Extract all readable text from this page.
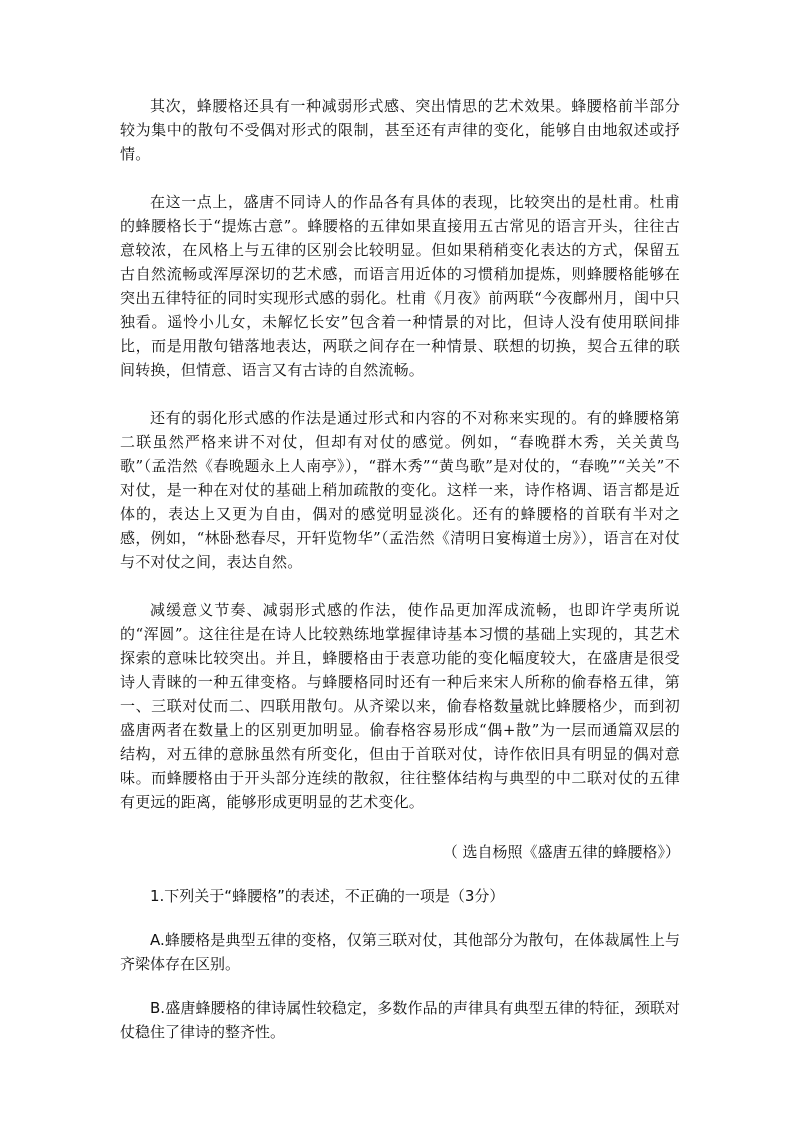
其次，蜂腰格还具有一种减弱形式感、突出情思的艺术效果。蜂腰格前半部分较为集中的散句不受偶对形式的限制，甚至还有声律的变化，能够自由地叙述或抒情。

在这一点上，盛唐不同诗人的作品各有具体的表现，比较突出的是杜甫。杜甫的蜂腰格长于“提炼古意”。蜂腰格的五律如果直接用五古常见的语言开头，往往古意较浓，在风格上与五律的区别会比较明显。但如果稍稍变化表达的方式，保留五古自然流畅或浑厚深切的艺术感，而语言用近体的习惯稍加提炼，则蜂腰格能够在突出五律特征的同时实现形式感的弱化。杜甫《月夜》前两联“今夜鄜州月，闺中只独看。遥怜小儿女，未解忆长安”包含着一种情景的对比，但诗人没有使用联间排比，而是用散句错落地表达，两联之间存在一种情景、联想的切换，契合五律的联间转换，但情意、语言又有古诗的自然流畅。

还有的弱化形式感的作法是通过形式和内容的不对称来实现的。有的蜂腰格第二联虽然严格来讲不对仗，但却有对仗的感觉。例如，“春晚群木秀，关关黄鸟歌”（孟浩然《春晚题永上人南亭》），“群木秀”“黄鸟歌”是对仗的，“春晚”“关关”不对仗，是一种在对仗的基础上稍加疏散的变化。这样一来，诗作格调、语言都是近体的，表达上又更为自由，偶对的感觉明显淡化。还有的蜂腰格的首联有半对之感，例如，“林卧愁春尽，开轩览物华”（孟浩然《清明日宴梅道士房》），语言在对仗与不对仗之间，表达自然。

减缓意义节奏、减弱形式感的作法，使作品更加浑成流畅，也即许学夷所说的“浑圆”。这往往是在诗人比较熟练地掌握律诗基本习惯的基础上实现的，其艺术探索的意味比较突出。并且，蜂腰格由于表意功能的变化幅度较大，在盛唐是很受诗人青睐的一种五律变格。与蜂腰格同时还有一种后来宋人所称的偷春格五律，第一、三联对仗而二、四联用散句。从齐梁以来，偷春格数量就比蜂腰格少，而到初盛唐两者在数量上的区别更加明显。偷春格容易形成“偶+散”为一层而通篇双层的结构，对五律的意脉虽然有所变化，但由于首联对仗，诗作依旧具有明显的偶对意味。而蜂腰格由于开头部分连续的散叙，往往整体结构与典型的中二联对仗的五律有更远的距离，能够形成更明显的艺术变化。

（ 选自杨照《盛唐五律的蜂腰格》）

1.下列关于“蜂腰格”的表述，不正确的一项是（3分）

A.蜂腰格是典型五律的变格，仅第三联对仗，其他部分为散句，在体裁属性上与齐梁体存在区别。

B.盛唐蜂腰格的律诗属性较稳定，多数作品的声律具有典型五律的特征，颈联对仗稳住了律诗的整齐性。
